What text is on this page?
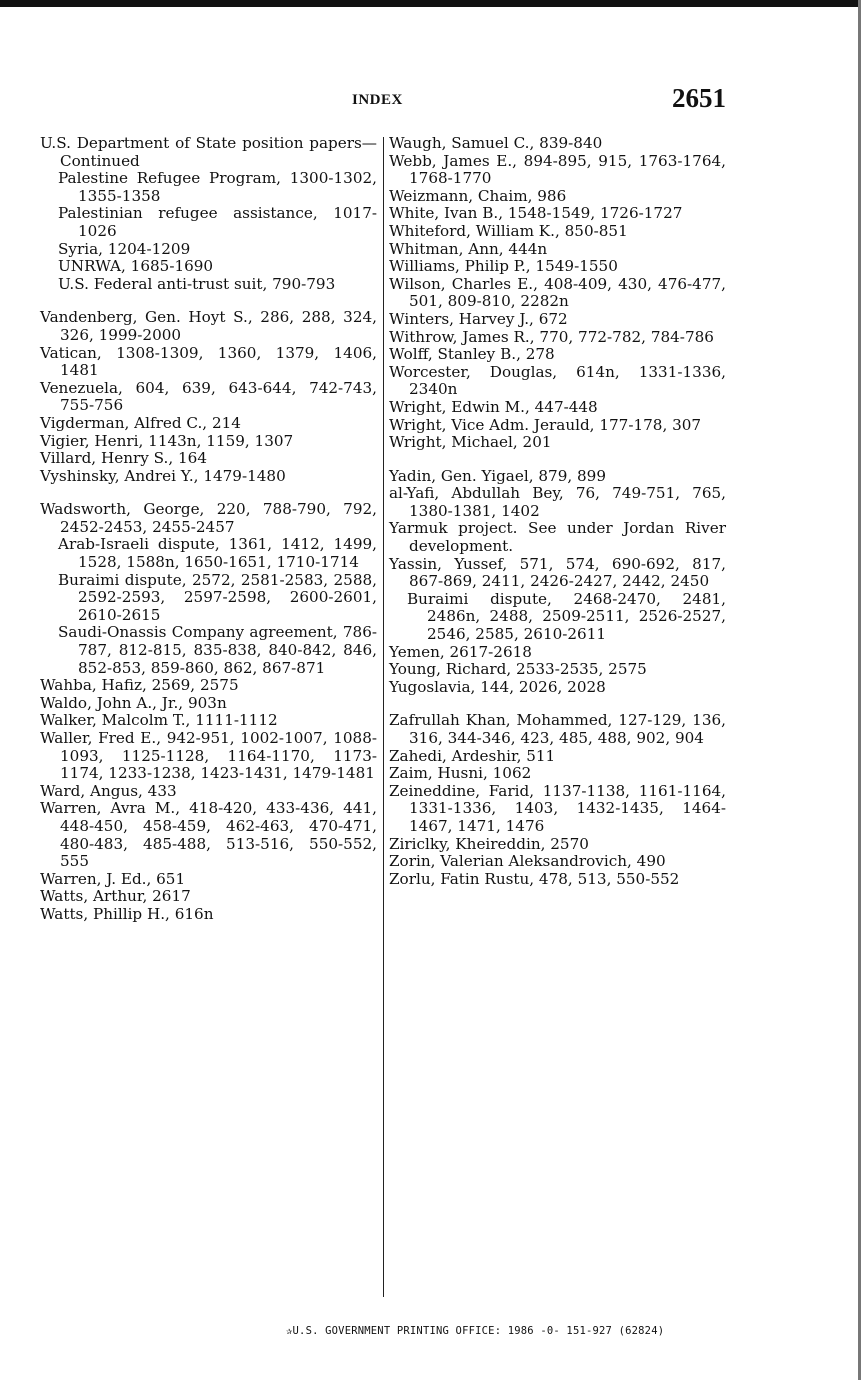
INDEX	2651

U.S. Department of State position papers—Continued

Palestine Refugee Program, 1300-1302, 1355-1358

Palestinian refugee assistance, 1017-1026

Syria, 1204-1209

UNRWA, 1685-1690

U.S. Federal anti-trust suit, 790-793

Vandenberg, Gen. Hoyt S., 286, 288, 324, 326, 1999-2000

Vatican, 1308-1309, 1360, 1379, 1406, 1481

Venezuela, 604, 639, 643-644, 742-743, 755-756

Vigderman, Alfred C., 214

Vigier, Henri, 1143n, 1159, 1307

Villard, Henry S., 164

Vyshinsky, Andrei Y., 1479-1480

Wadsworth, George, 220, 788-790, 792, 2452-2453, 2455-2457

Arab-Israeli dispute, 1361, 1412, 1499, 1528, 1588n, 1650-1651, 1710-1714

Buraimi dispute, 2572, 2581-2583, 2588, 2592-2593, 2597-2598, 2600-2601, 2610-2615

Saudi-Onassis Company agreement, 786-787, 812-815, 835-838, 840-842, 846, 852-853, 859-860, 862, 867-871

Wahba, Hafiz, 2569, 2575

Waldo, John A., Jr., 903n

Walker, Malcolm T., 1111-1112

Waller, Fred E., 942-951, 1002-1007, 1088-1093, 1125-1128, 1164-1170, 1173-1174, 1233-1238, 1423-1431, 1479-1481

Ward, Angus, 433

Warren, Avra M., 418-420, 433-436, 441, 448-450, 458-459, 462-463, 470-471, 480-483, 485-488, 513-516, 550-552, 555

Warren, J. Ed., 651

Watts, Arthur, 2617

Watts, Phillip H., 616n

Waugh, Samuel C., 839-840

Webb, James E., 894-895, 915, 1763-1764, 1768-1770

Weizmann, Chaim, 986

White, Ivan B., 1548-1549, 1726-1727

Whiteford, William K., 850-851

Whitman, Ann, 444n

Williams, Philip P., 1549-1550

Wilson, Charles E., 408-409, 430, 476-477, 501, 809-810, 2282n

Winters, Harvey J., 672

Withrow, James R., 770, 772-782, 784-786

Wolff, Stanley B., 278

Worcester, Douglas, 614n, 1331-1336, 2340n

Wright, Edwin M., 447-448

Wright, Vice Adm. Jerauld, 177-178, 307

Wright, Michael, 201

Yadin, Gen. Yigael, 879, 899

al-Yafi, Abdullah Bey, 76, 749-751, 765, 1380-1381, 1402

Yarmuk project. See under Jordan River development.

Yassin, Yussef, 571, 574, 690-692, 817, 867-869, 2411, 2426-2427, 2442, 2450

Buraimi dispute, 2468-2470, 2481, 2486n, 2488, 2509-2511, 2526-2527, 2546, 2585, 2610-2611

Yemen, 2617-2618

Young, Richard, 2533-2535, 2575

Yugoslavia, 144, 2026, 2028

Zafrullah Khan, Mohammed, 127-129, 136, 316, 344-346, 423, 485, 488, 902, 904

Zahedi, Ardeshir, 511

Zaim, Husni, 1062

Zeineddine, Farid, 1137-1138, 1161-1164, 1331-1336, 1403, 1432-1435, 1464-1467, 1471, 1476

Ziriclky, Kheireddin, 2570

Zorin, Valerian Aleksandrovich, 490

Zorlu, Fatin Rustu, 478, 513, 550-552

✰U.S. GOVERNMENT PRINTING OFFICE: 1986 -0- 151-927 (62824)
